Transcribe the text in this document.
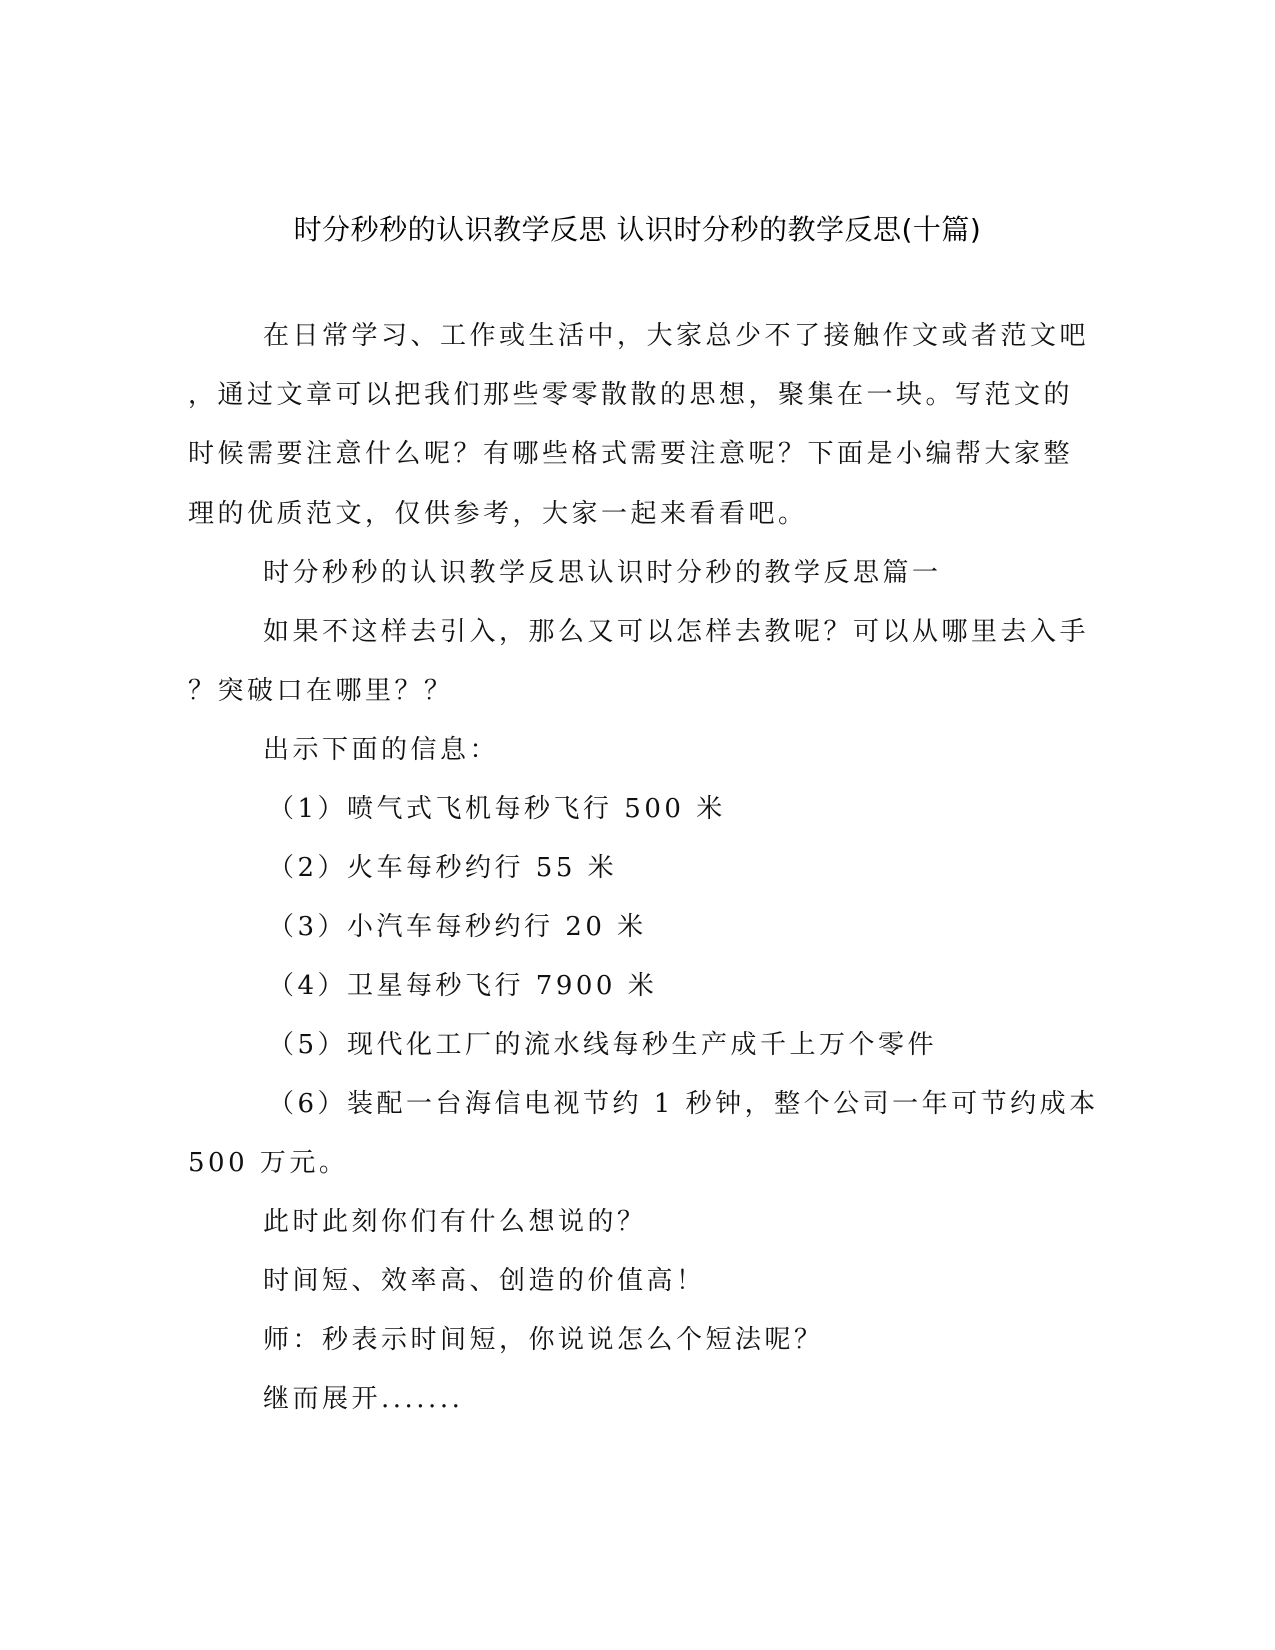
时分秒秒的认识教学反思 认识时分秒的教学反思(十篇)
在日常学习、工作或生活中，大家总少不了接触作文或者范文吧
，通过文章可以把我们那些零零散散的思想，聚集在一块。写范文的
时候需要注意什么呢？有哪些格式需要注意呢？下面是小编帮大家整
理的优质范文，仅供参考，大家一起来看看吧。
时分秒秒的认识教学反思认识时分秒的教学反思篇一
如果不这样去引入，那么又可以怎样去教呢？可以从哪里去入手
？突破口在哪里？？
出示下面的信息：
（1）喷气式飞机每秒飞行 500 米
（2）火车每秒约行 55 米
（3）小汽车每秒约行 20 米
（4）卫星每秒飞行 7900 米
（5）现代化工厂的流水线每秒生产成千上万个零件
（6）装配一台海信电视节约 1 秒钟，整个公司一年可节约成本
500 万元。
此时此刻你们有什么想说的？
时间短、效率高、创造的价值高！
师：秒表示时间短，你说说怎么个短法呢？
继而展开.......
